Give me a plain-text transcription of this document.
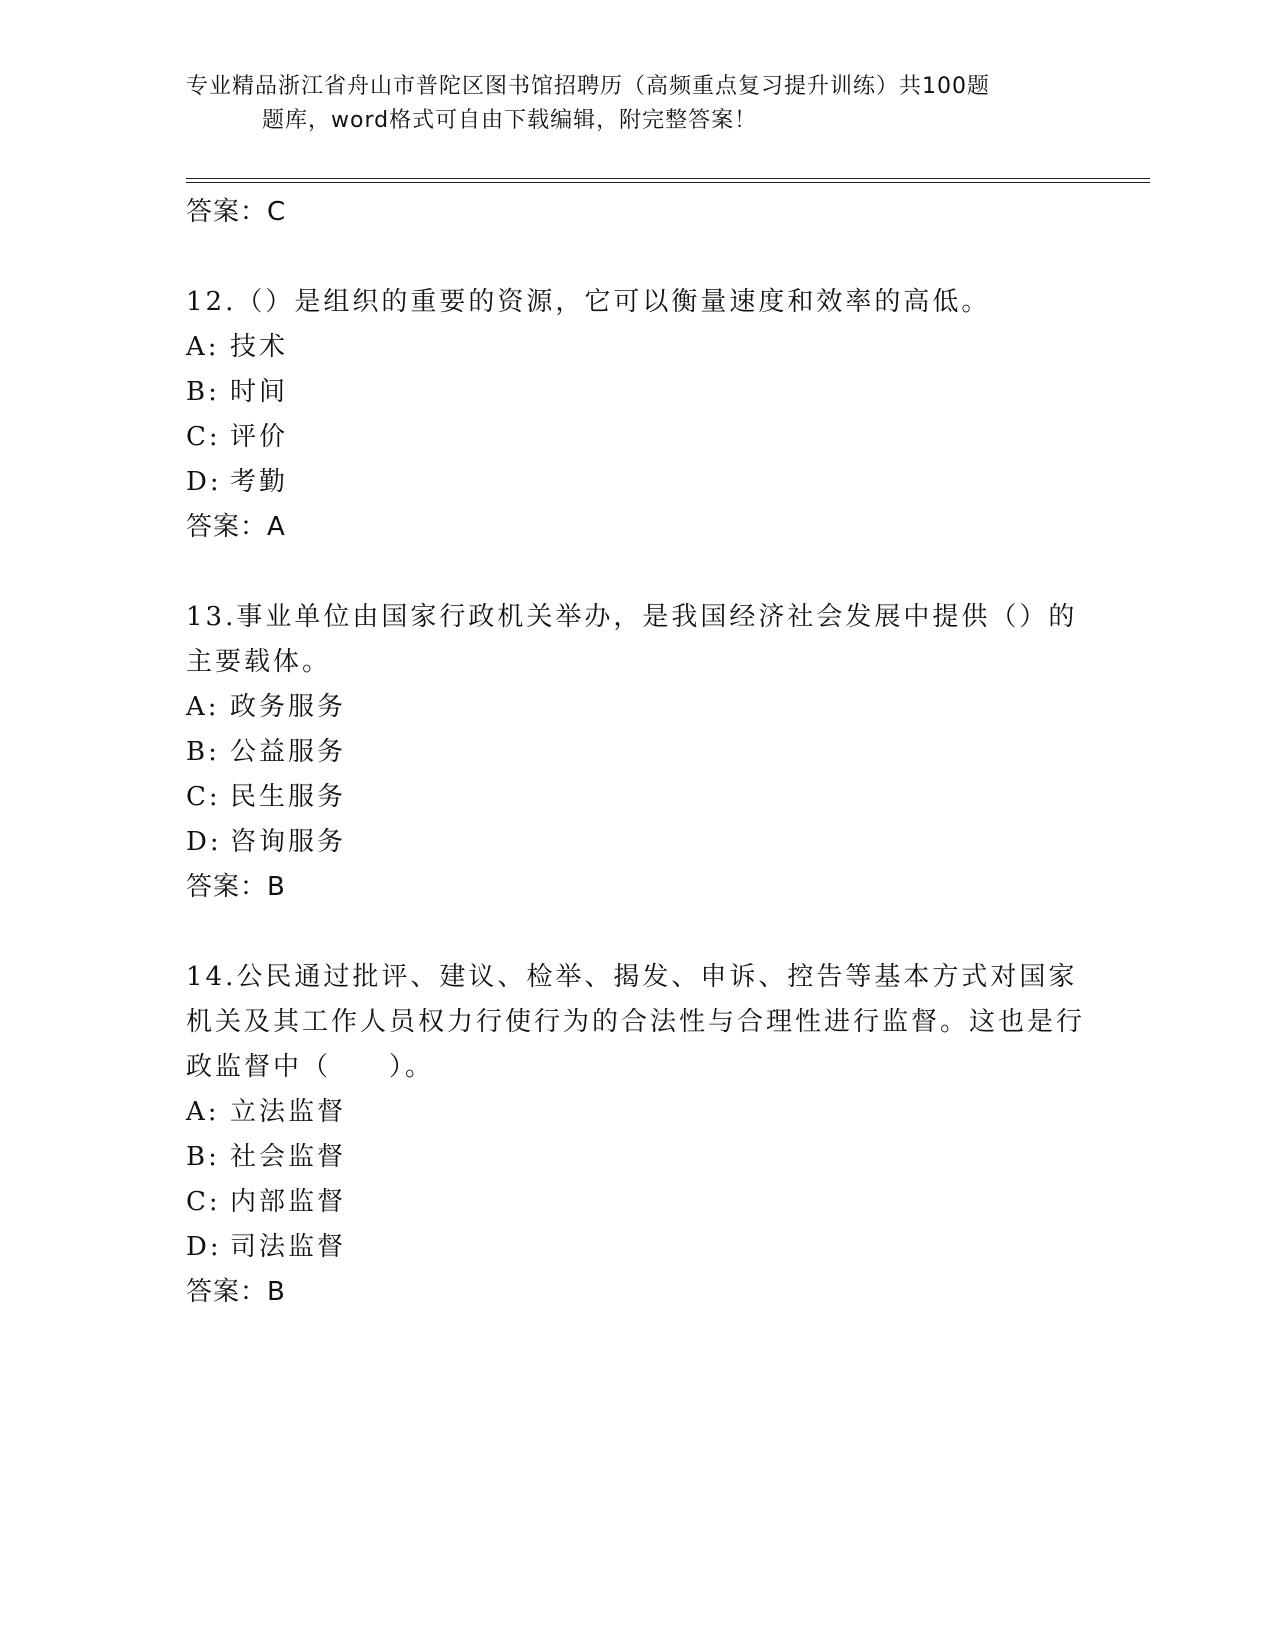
专业精品浙江省舟山市普陀区图书馆招聘历（高频重点复习提升训练）共100题
题库，word格式可自由下载编辑，附完整答案！
答案：C
12.（）是组织的重要的资源，它可以衡量速度和效率的高低。
A: 技术
B: 时间
C: 评价
D: 考勤
答案：A
13.事业单位由国家行政机关举办，是我国经济社会发展中提供（）的主要载体。
A: 政务服务
B: 公益服务
C: 民生服务
D: 咨询服务
答案：B
14.公民通过批评、建议、检举、揭发、申诉、控告等基本方式对国家机关及其工作人员权力行使行为的合法性与合理性进行监督。这也是行政监督中（　　）。
A: 立法监督
B: 社会监督
C: 内部监督
D: 司法监督
答案：B
